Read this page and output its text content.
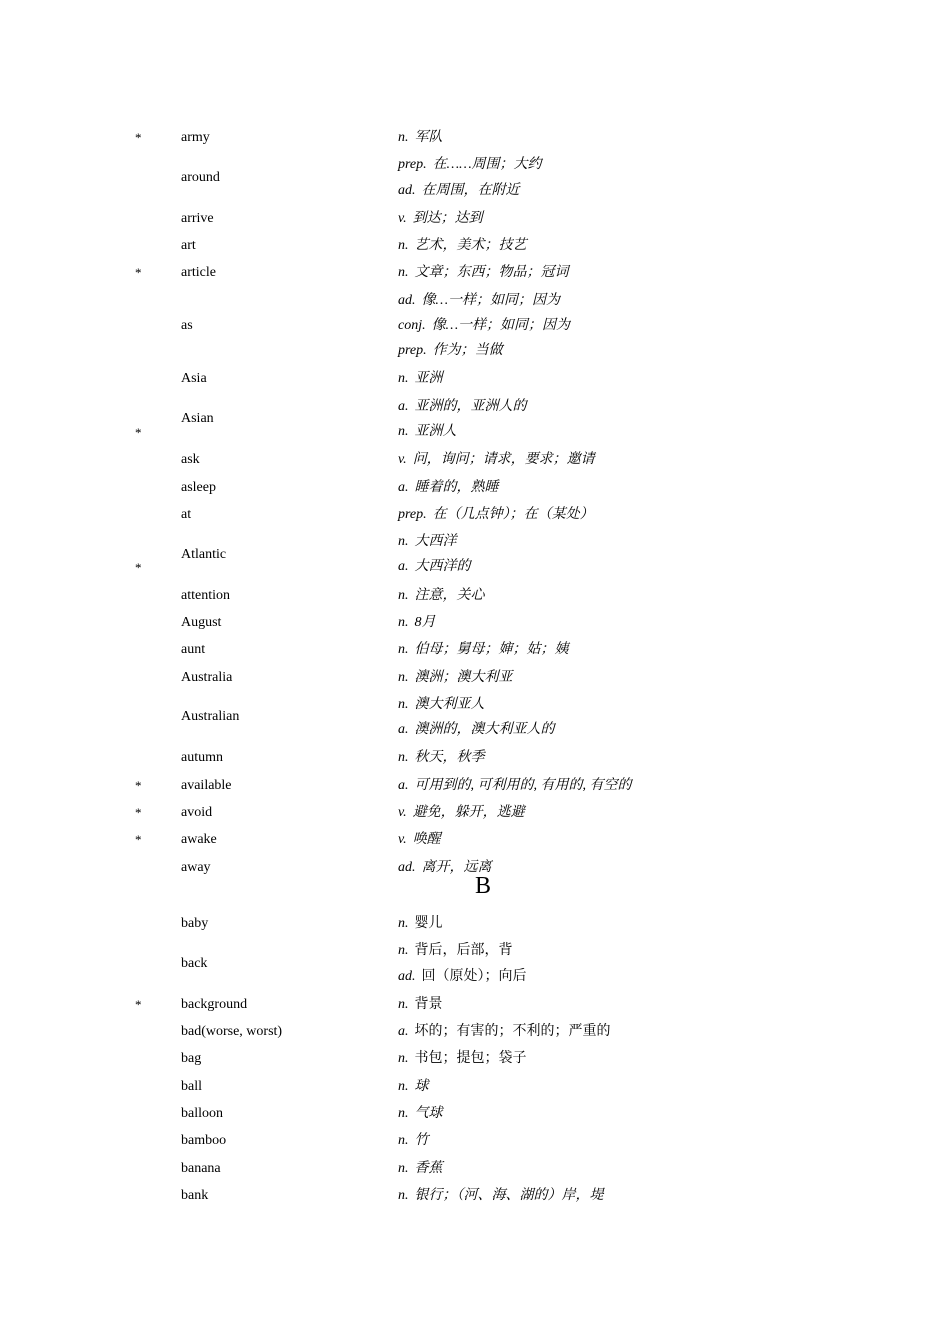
n. 军队
army
*
prep. 在……周围；大约
ad. 在周围，在附近
around
v. 到达；达到
arrive
n. 艺术，美术；技艺
art
n. 文章；东西；物品；冠词
article
*
ad. 像…一样；如同；因为
conj. 像…一样；如同；因为
prep. 作为；当做
as
n. 亚洲
Asia
a. 亚洲的，亚洲人的
n. 亚洲人
Asian
*
v. 问，询问；请求，要求；邀请
ask
a. 睡着的，熟睡
asleep
prep. 在（几点钟）；在（某处）
at
n. 大西洋
a. 大西洋的
Atlantic
*
n. 注意，关心
attention
n. 8月
August
n. 伯母；舅母；婶；姑；姨
aunt
n. 澳洲；澳大利亚
Australia
n. 澳大利亚人
a. 澳洲的，澳大利亚人的
Australian
n. 秋天，秋季
autumn
a. 可用到的, 可利用的, 有用的, 有空的
available
*
v. 避免，躲开，逃避
avoid
*
v. 唤醒
awake
*
ad. 离开，远离
away
B
n. 婴儿
baby
n. 背后，后部，背
ad. 回（原处）；向后
back
n. 背景
background
*
a. 坏的；有害的；不利的；严重的
bad(worse, worst)
n. 书包；提包；袋子
bag
n. 球
ball
n. 气球
balloon
n. 竹
bamboo
n. 香蕉
banana
n. 银行；（河、海、湖的）岸，堤
bank
